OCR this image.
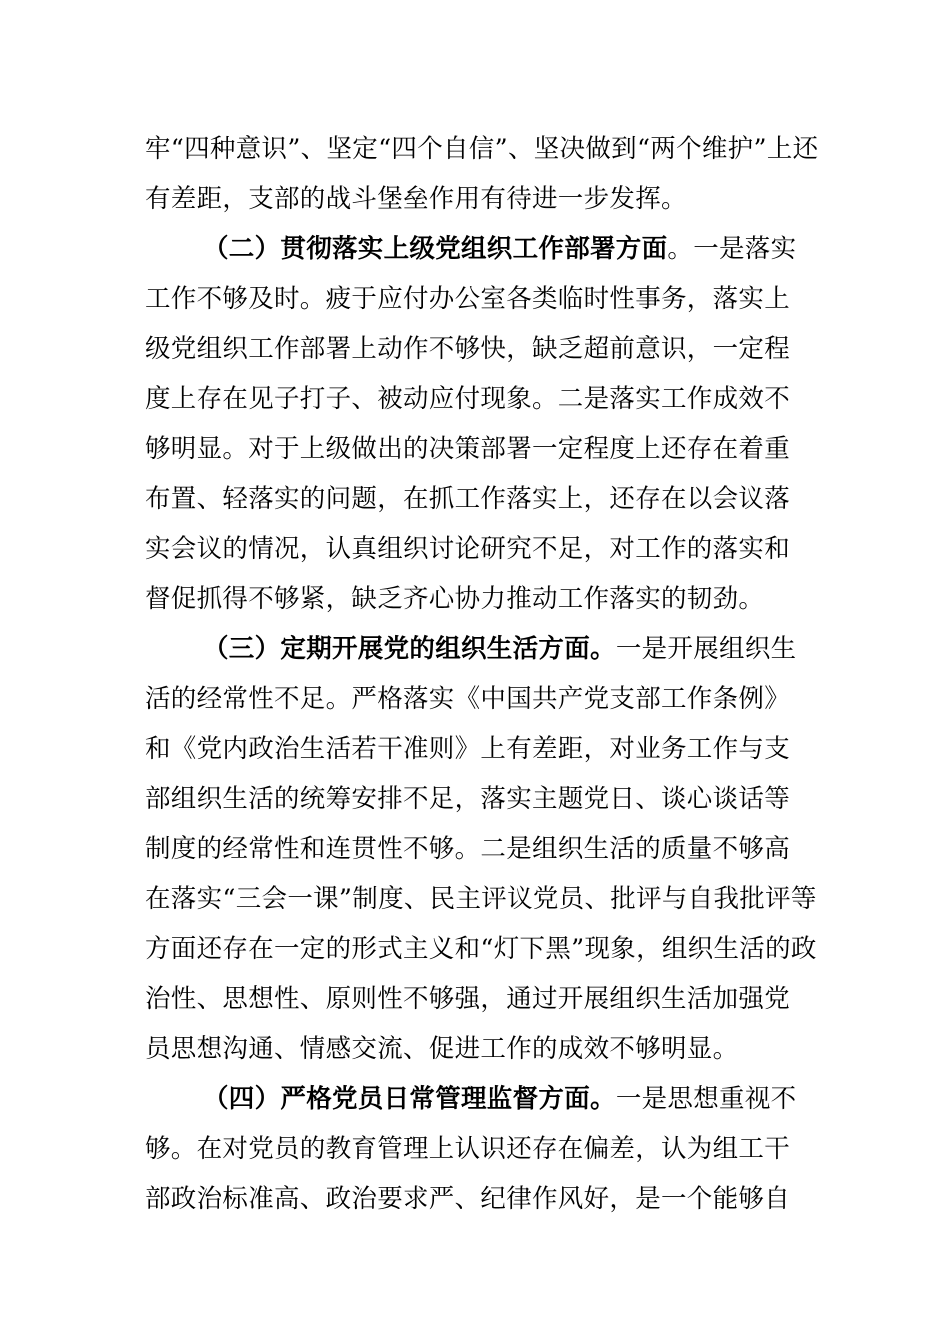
牢“四种意识”、坚定“四个自信”、坚决做到“两个维护”上还
有差距，支部的战斗堡垒作用有待进一步发挥。
（二）贯彻落实上级党组织工作部署方面。一是落实
工作不够及时。疲于应付办公室各类临时性事务，落实上
级党组织工作部署上动作不够快，缺乏超前意识，一定程
度上存在见子打子、被动应付现象。二是落实工作成效不
够明显。对于上级做出的决策部署一定程度上还存在着重
布置、轻落实的问题，在抓工作落实上，还存在以会议落
实会议的情况，认真组织讨论研究不足，对工作的落实和
督促抓得不够紧，缺乏齐心协力推动工作落实的韧劲。
（三）定期开展党的组织生活方面。一是开展组织生
活的经常性不足。严格落实《中国共产党支部工作条例》
和《党内政治生活若干准则》上有差距，对业务工作与支
部组织生活的统筹安排不足，落实主题党日、谈心谈话等
制度的经常性和连贯性不够。二是组织生活的质量不够高
在落实“三会一课”制度、民主评议党员、批评与自我批评等
方面还存在一定的形式主义和“灯下黑”现象，组织生活的政
治性、思想性、原则性不够强，通过开展组织生活加强党
员思想沟通、情感交流、促进工作的成效不够明显。
（四）严格党员日常管理监督方面。一是思想重视不
够。在对党员的教育管理上认识还存在偏差，认为组工干
部政治标准高、政治要求严、纪律作风好，是一个能够自
